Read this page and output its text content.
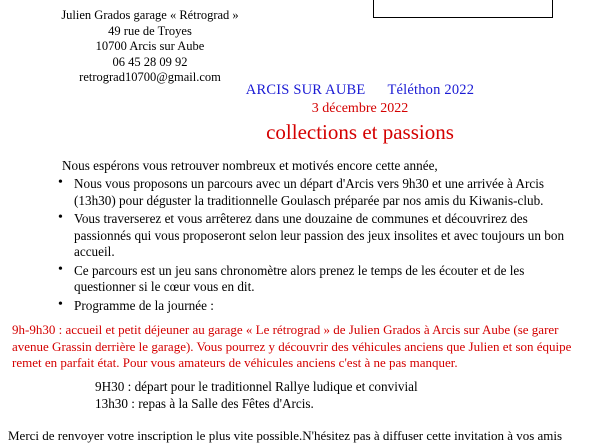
Julien Grados garage « Rétrograd »
49 rue de Troyes
10700 Arcis sur Aube
06 45 28 09 92
retrograd10700@gmail.com
ARCIS SUR AUBE Téléthon 2022
3 décembre 2022
collections et passions
Nous espérons vous retrouver nombreux et motivés encore cette année,
• Nous vous proposons un parcours avec un départ d'Arcis vers 9h30 et une arrivée à Arcis (13h30) pour déguster la traditionnelle Goulasch préparée par nos amis du Kiwanis-club.
• Vous traverserez et vous arrêterez dans une douzaine de communes et découvrirez des passionnés qui vous proposeront selon leur passion des jeux insolites et avec toujours un bon accueil.
• Ce parcours est un jeu sans chronomètre alors prenez le temps de les écouter et de les questionner si le cœur vous en dit.
• Programme de la journée :
9h-9h30 : accueil et petit déjeuner au garage « Le rétrograd » de Julien Grados à Arcis sur Aube (se garer avenue Grassin derrière le garage). Vous pourrez y découvrir des véhicules anciens que Julien et son équipe remet en parfait état. Pour vous amateurs de véhicules anciens c'est à ne pas manquer.
9H30 : départ pour le traditionnel Rallye ludique et convivial
13h30 : repas à la Salle des Fêtes d'Arcis.
Merci de renvoyer votre inscription le plus vite possible.N'hésitez pas à diffuser cette invitation à vos amis
